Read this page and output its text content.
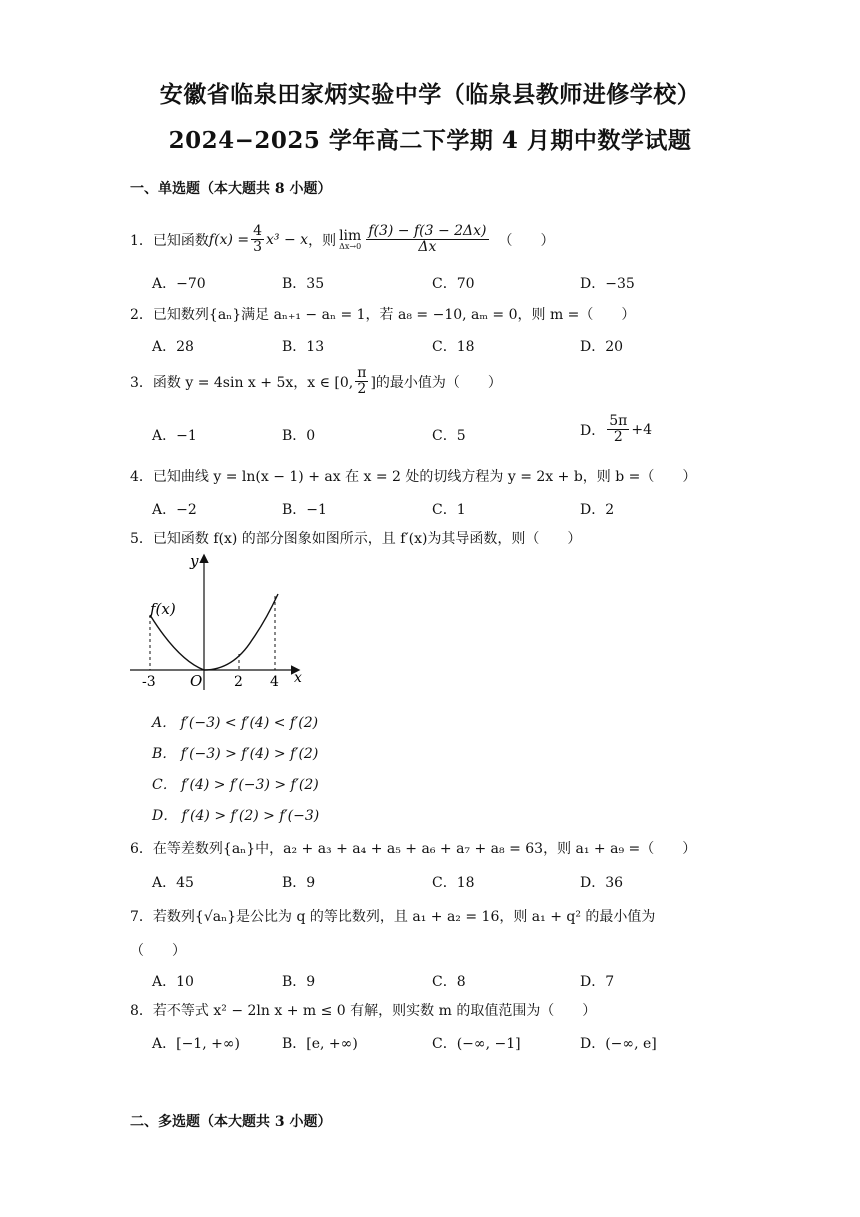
安徽省临泉田家炳实验中学（临泉县教师进修学校）
2024−2025 学年高二下学期 4 月期中数学试题
一、单选题（本大题共 8 小题）
1．已知函数 $f(x) = \frac{4}{3} x^3 - x$ ，则 lim
$\Delta x\to 0 \frac{f(3) - f(3 - 2\Delta x)}{\Delta x}$ （　　）
A．−70	B．35	C．70	D．−35
2．已知数列{aₙ}满足 aₙ₊₁ − aₙ = 1，若 a₈ = −10, aₘ = 0，则 m =（　　）
A．28	B．13	C．18	D．20
3．函数 y = 4sin x + 5x，x ∈ [0, $\frac{\pi}{2}$ ]的最小值为（　　）
A．−1	B．0	C．5	D． $\frac{5\pi}{2} +4$
4．已知曲线 y = ln(x − 1) + ax 在 x = 2 处的切线方程为 y = 2x + b，则 b =（　　）
A．−2	B．−1	C．1	D．2
5．已知函数 f(x) 的部分图象如图所示，且 f′(x)为其导函数，则（　　）
y
x
O
f(x)
-3	2 4
A． f′(−3) < f′(4) < f′(2)
B． f′(−3) > f′(4) > f′(2)
C． f′(4) > f′(−3) > f′(2)
D． f′(4) > f′(2) > f′(−3)
6．在等差数列{aₙ}中，a₂ + a₃ + a₄ + a₅ + a₆ + a₇ + a₈ = 63，则 a₁ + a₉ =（　　）
A．45	B．9	C．18	D．36
7．若数列{√aₙ}是公比为 q 的等比数列，且 a₁ + a₂ = 16，则 a₁ + q² 的最小值为
（　　）
A．10	B．9	C．8	D．7
8．若不等式 x² − 2ln x + m ≤ 0 有解，则实数 m 的取值范围为（　　）
A．[−1, +∞)	B．[e, +∞)	C．(−∞, −1]	D．(−∞, e]
二、多选题（本大题共 3 小题）
